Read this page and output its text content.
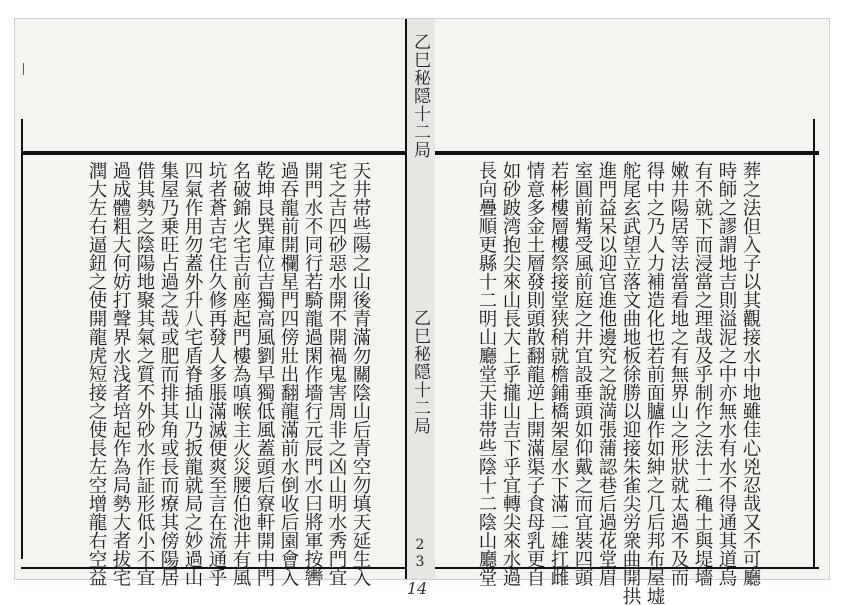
丨
天井帯些陽之山後青滿勿關陰山后青空勿填天延生入
宅之吉四砂惡水開不開禍鬼害周非之凶山明水秀門宜
開門水不同行若騎龍過閑作墻行元辰門水曰將軍按轡
過吞龍前開欄星門四傍壯出翻龍滿前水倒收后園會入
乾坤艮巽庫位吉獨高風劉早獨低風蓋頭后寮軒開中門
名破錦火宅吉前座起門樓為嗔喉主火災腰伯池井有風
坑者蒼吉宅住久修再發人多脹滿滅便爽至言在流通乎
四氣作用勿蓋外升八宅盾脊插山乃扳龍就局之妙過山
集屋乃乗旺占過之哉或肥而排其角或長而療其傍陽居
借其勢之陰陽地聚其氣之質不外砂水作証形低小不宜
過成體粗大何妨打聲界水浅者培起作為局勢大者拔宅
潤大左右逼鈕之使開龍虎短接之使長左空增龍右空益
乙巳秘隠十二局
乙巳秘隠十二局
23	葬之法但入子以其觀接水中地雖佳心兇忍哉又不可廳
時師之謬謂地吉則溢泥之中亦無水有水不得通其道烏
有不就下而浸當之理哉及乎制作之法十二穐土與堤墻
嫩井陽居等法當看地之有無界山之形狀就太過不及而
得中之乃人力補造化也若前面臚作如紳之几后邦布屋墟
舵尾玄武望立落文曲地板徐勝以迎接朱雀尖労衆曲開拱
進門益呆以迎官進他邊究之說満張蒲認巷后過花堂眉
室圓前觜受風前庭之井宜設垂頭如仰戴之而宜裝四頭
若彬樓層樓祭接堂狭稍就檐鋪橋架屋水下滿二雄扛雌
情意多金土層發則頭散翻龍逆上開滿渠子食母乳更自
如砂跛湾抱尖來山長大上乎攏山吉下乎宜轉尖來水過
長向疊順更縣十二明山廳堂天非帯些陰十二陰山廳堂
14
